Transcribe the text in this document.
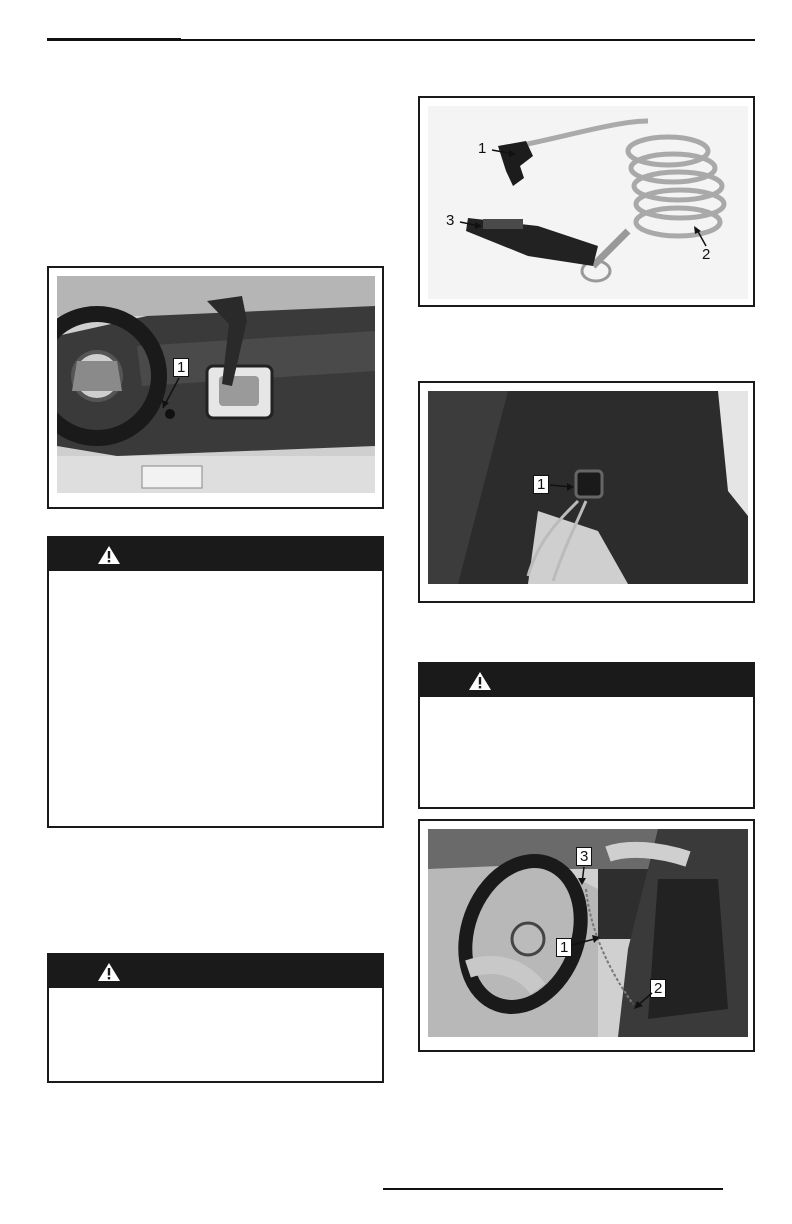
1
1
3
2
1
3
1
2
